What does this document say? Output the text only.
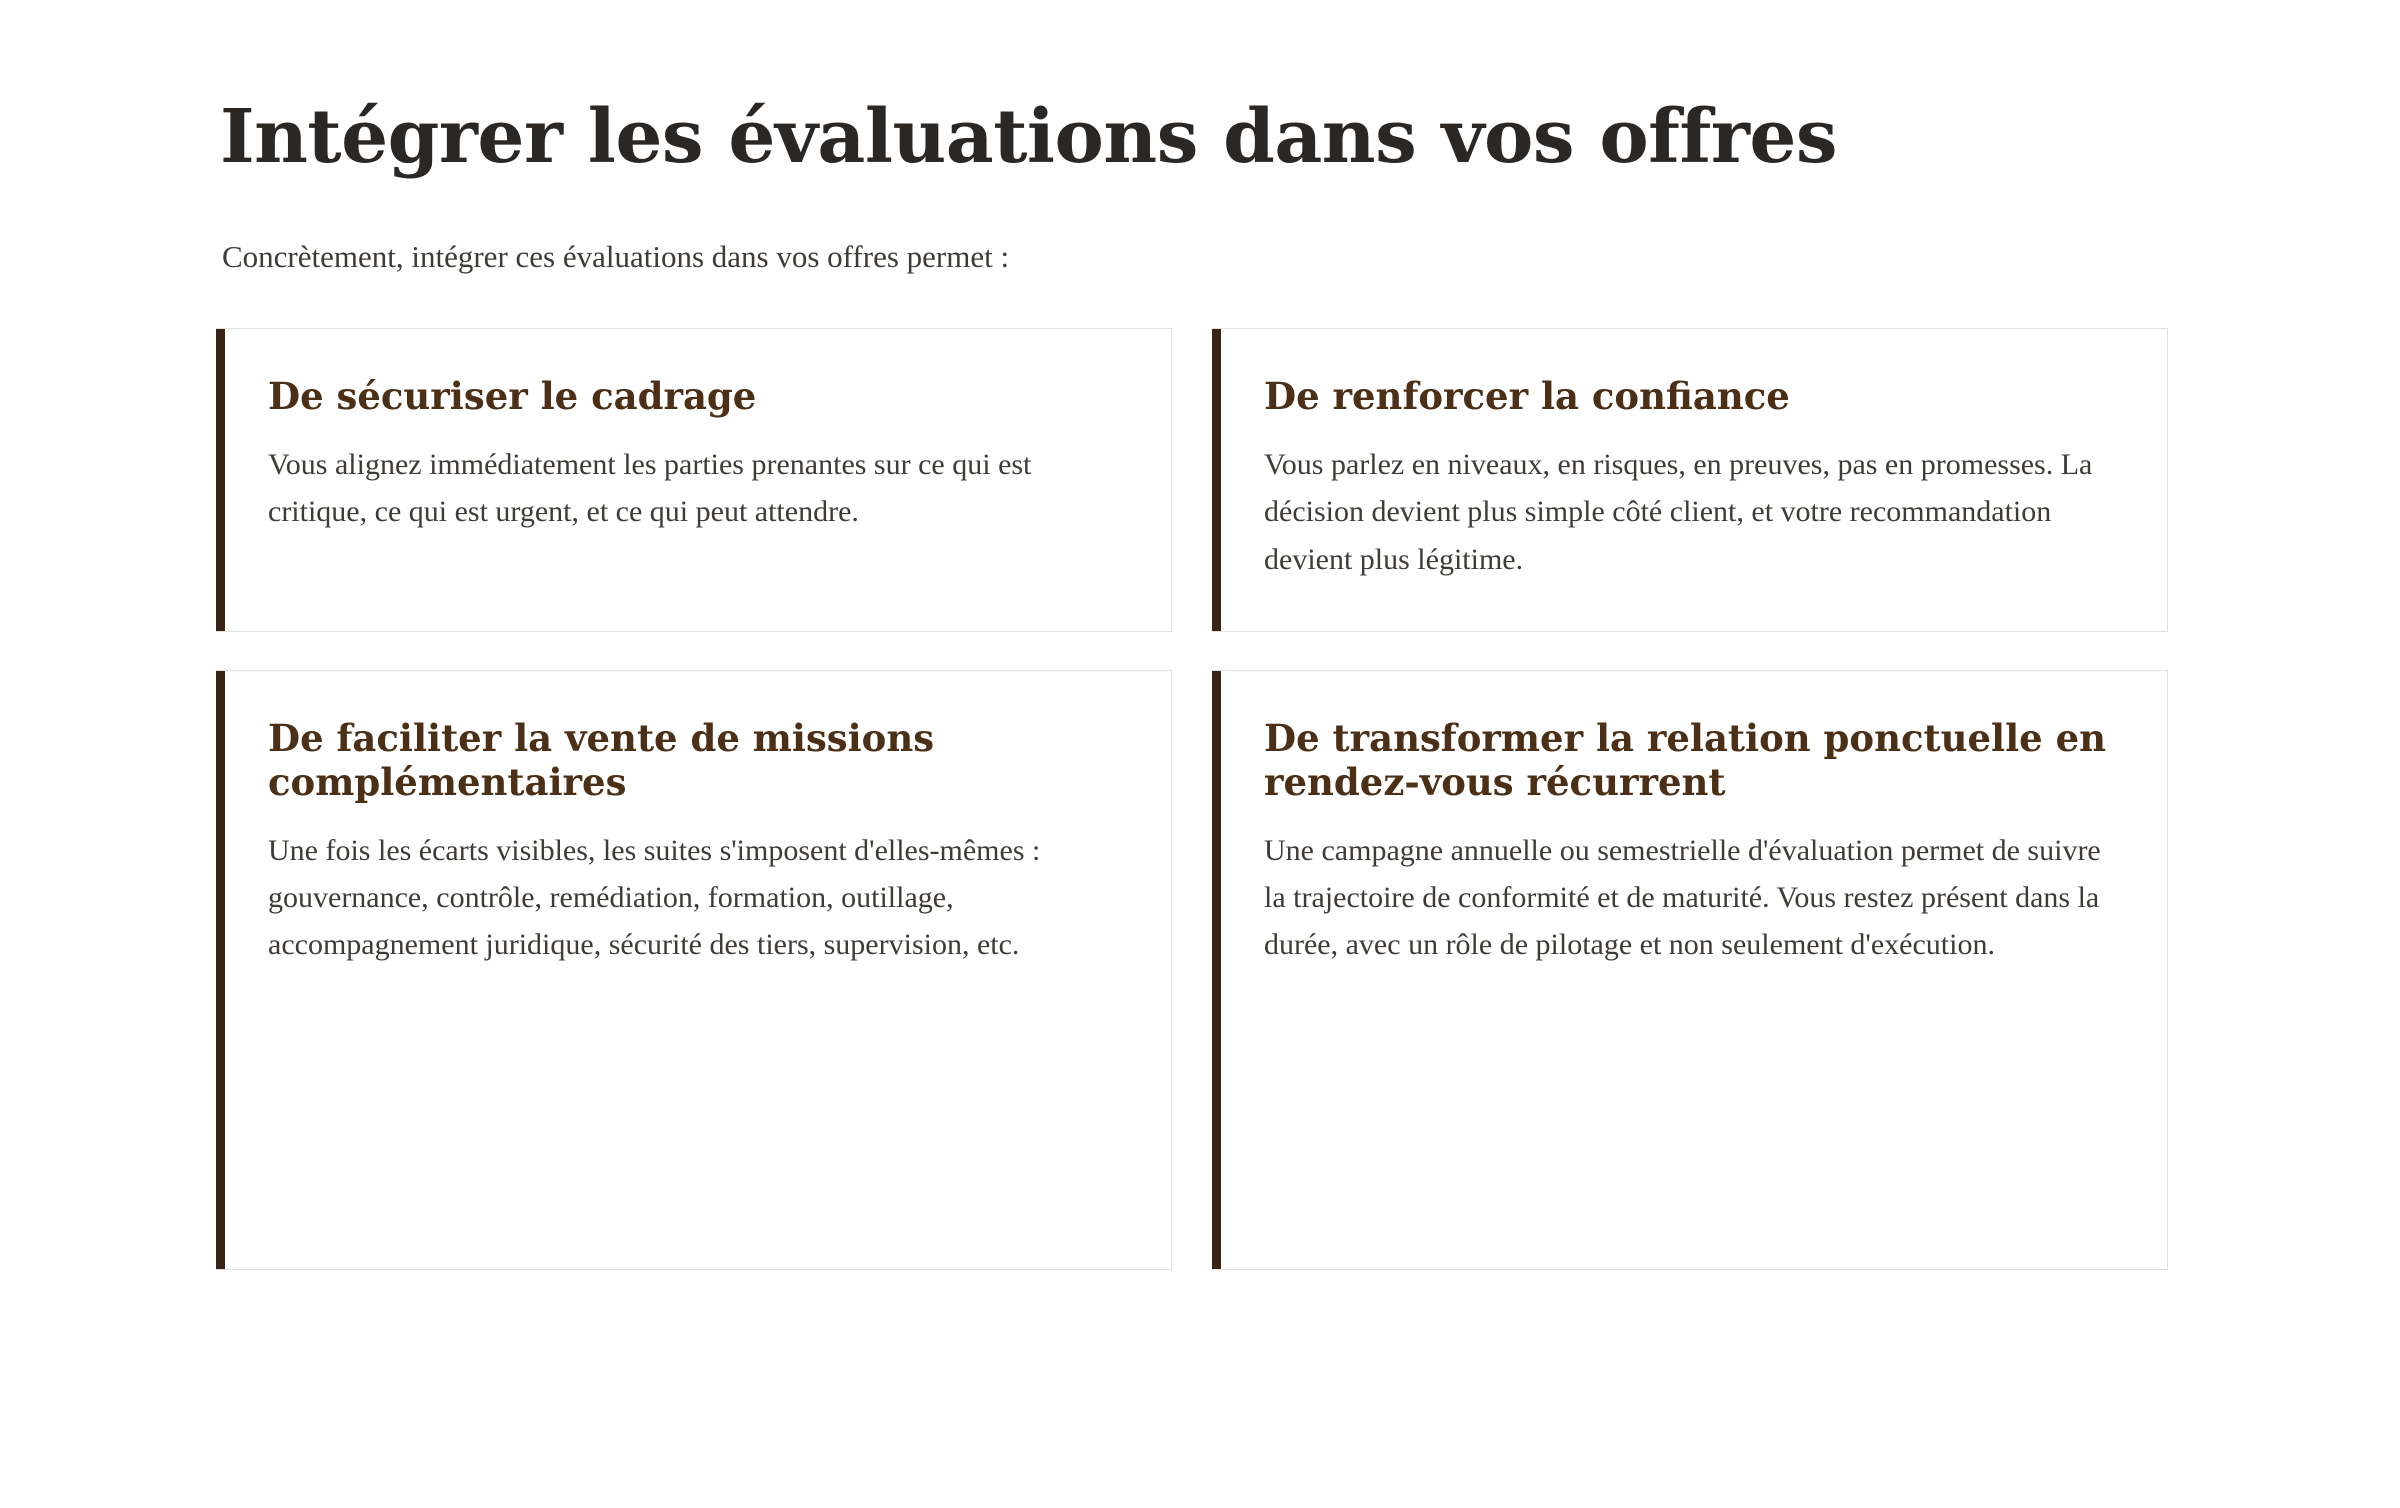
Intégrer les évaluations dans vos offres

Concrètement, intégrer ces évaluations dans vos offres permet :

De sécuriser le cadrage

Vous alignez immédiatement les parties prenantes sur ce qui est critique, ce qui est urgent, et ce qui peut attendre.

De renforcer la confiance

Vous parlez en niveaux, en risques, en preuves, pas en promesses. La décision devient plus simple côté client, et votre recommandation devient plus légitime.

De faciliter la vente de missions complémentaires

Une fois les écarts visibles, les suites s'imposent d'elles-mêmes : gouvernance, contrôle, remédiation, formation, outillage, accompagnement juridique, sécurité des tiers, supervision, etc.

De transformer la relation ponctuelle en rendez-vous récurrent

Une campagne annuelle ou semestrielle d'évaluation permet de suivre la trajectoire de conformité et de maturité. Vous restez présent dans la durée, avec un rôle de pilotage et non seulement d'exécution.
